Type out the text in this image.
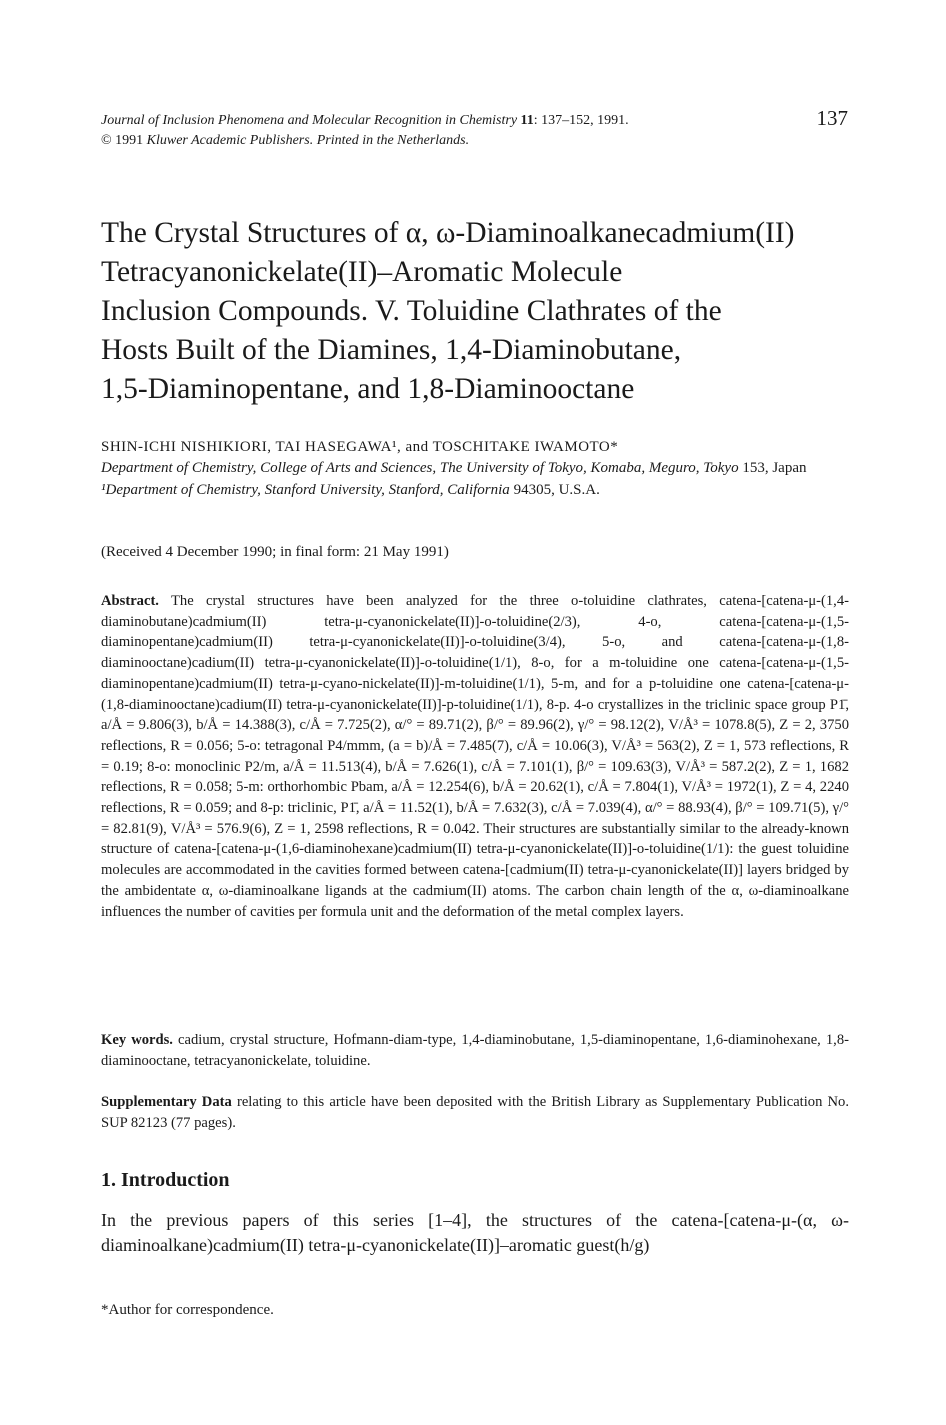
Journal of Inclusion Phenomena and Molecular Recognition in Chemistry 11: 137–152, 1991.
© 1991 Kluwer Academic Publishers. Printed in the Netherlands.
137
The Crystal Structures of α, ω-Diaminoalkanecadmium(II)
Tetracyanonickelate(II)–Aromatic Molecule
Inclusion Compounds. V. Toluidine Clathrates of the
Hosts Built of the Diamines, 1,4-Diaminobutane,
1,5-Diaminopentane, and 1,8-Diaminooctane
SHIN-ICHI NISHIKIORI, TAI HASEGAWA¹, and TOSCHITAKE IWAMOTO*
Department of Chemistry, College of Arts and Sciences, The University of Tokyo, Komaba, Meguro, Tokyo 153, Japan
¹Department of Chemistry, Stanford University, Stanford, California 94305, U.S.A.
(Received 4 December 1990; in final form: 21 May 1991)

Abstract. The crystal structures have been analyzed for the three o-toluidine clathrates, catena-[catena-μ-(1,4-diaminobutane)cadmium(II) tetra-μ-cyanonickelate(II)]-o-toluidine(2/3), 4-o, catena-[catena-μ-(1,5-diaminopentane)cadmium(II) tetra-μ-cyanonickelate(II)]-o-toluidine(3/4), 5-o, and catena-[catena-μ-(1,8-diaminooctane)cadium(II) tetra-μ-cyanonickelate(II)]-o-toluidine(1/1), 8-o, for a m-toluidine one catena-[catena-μ-(1,5-diaminopentane)cadmium(II) tetra-μ-cyano-nickelate(II)]-m-toluidine(1/1), 5-m, and for a p-toluidine one catena-[catena-μ-(1,8-diaminooctane)cadium(II) tetra-μ-cyanonickelate(II)]-p-toluidine(1/1), 8-p. 4-o crystallizes in the triclinic space group P1̄, a/Å = 9.806(3), b/Å = 14.388(3), c/Å = 7.725(2), α/° = 89.71(2), β/° = 89.96(2), γ/° = 98.12(2), V/Å³ = 1078.8(5), Z = 2, 3750 reflections, R = 0.056; 5-o: tetragonal P4/mmm, (a = b)/Å = 7.485(7), c/Å = 10.06(3), V/Å³ = 563(2), Z = 1, 573 reflections, R = 0.19; 8-o: monoclinic P2/m, a/Å = 11.513(4), b/Å = 7.626(1), c/Å = 7.101(1), β/° = 109.63(3), V/Å³ = 587.2(2), Z = 1, 1682 reflections, R = 0.058; 5-m: orthorhombic Pbam, a/Å = 12.254(6), b/Å = 20.62(1), c/Å = 7.804(1), V/Å³ = 1972(1), Z = 4, 2240 reflections, R = 0.059; and 8-p: triclinic, P1̄, a/Å = 11.52(1), b/Å = 7.632(3), c/Å = 7.039(4), α/° = 88.93(4), β/° = 109.71(5), γ/° = 82.81(9), V/Å³ = 576.9(6), Z = 1, 2598 reflections, R = 0.042. Their structures are substantially similar to the already-known structure of catena-[catena-μ-(1,6-diaminohexane)cadmium(II) tetra-μ-cyanonickelate(II)]-o-toluidine(1/1): the guest toluidine molecules are accommodated in the cavities formed between catena-[cadmium(II) tetra-μ-cyanonickelate(II)] layers bridged by the ambidentate α, ω-diaminoalkane ligands at the cadmium(II) atoms. The carbon chain length of the α, ω-diaminoalkane influences the number of cavities per formula unit and the deformation of the metal complex layers.

Key words. cadium, crystal structure, Hofmann-diam-type, 1,4-diaminobutane, 1,5-diaminopentane, 1,6-diaminohexane, 1,8-diaminooctane, tetracyanonickelate, toluidine.

Supplementary Data relating to this article have been deposited with the British Library as Supplementary Publication No. SUP 82123 (77 pages).

1. Introduction

In the previous papers of this series [1–4], the structures of the catena-[catena-μ-(α, ω-diaminoalkane)cadmium(II) tetra-μ-cyanonickelate(II)]–aromatic guest(h/g)

*Author for correspondence.
